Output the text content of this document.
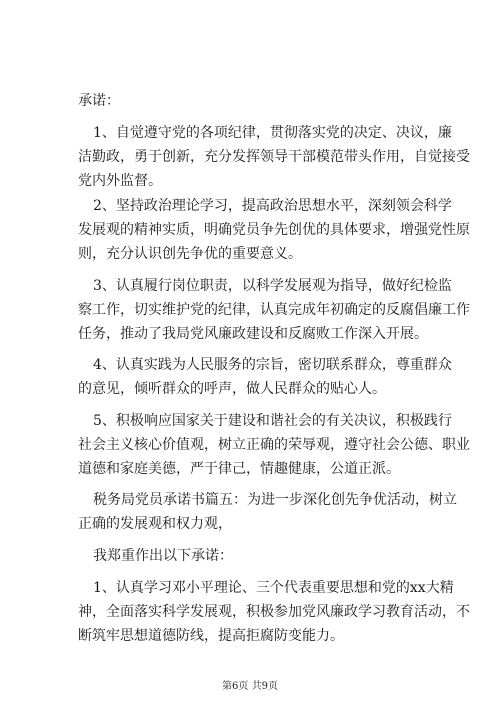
承诺：
1、自觉遵守党的各项纪律，贯彻落实党的决定、决议，廉
洁勤政，勇于创新，充分发挥领导干部模范带头作用，自觉接受
党内外监督。
2、坚持政治理论学习，提高政治思想水平，深刻领会科学
发展观的精神实质，明确党员争先创优的具体要求，增强党性原
则，充分认识创先争优的重要意义。
3、认真履行岗位职责，以科学发展观为指导，做好纪检监
察工作，切实维护党的纪律，认真完成年初确定的反腐倡廉工作
任务，推动了我局党风廉政建设和反腐败工作深入开展。
4、认真实践为人民服务的宗旨，密切联系群众，尊重群众
的意见，倾听群众的呼声，做人民群众的贴心人。
5、积极响应国家关于建设和谐社会的有关决议，积极践行
社会主义核心价值观，树立正确的荣辱观，遵守社会公德、职业
道德和家庭美德，严于律己，情趣健康，公道正派。
税务局党员承诺书篇五：为进一步深化创先争优活动，树立
正确的发展观和权力观，
我郑重作出以下承诺：
1、认真学习邓小平理论、三个代表重要思想和党的xx大精
神，全面落实科学发展观，积极参加党风廉政学习教育活动，不
断筑牢思想道德防线，提高拒腐防变能力。
第6页 共9页
